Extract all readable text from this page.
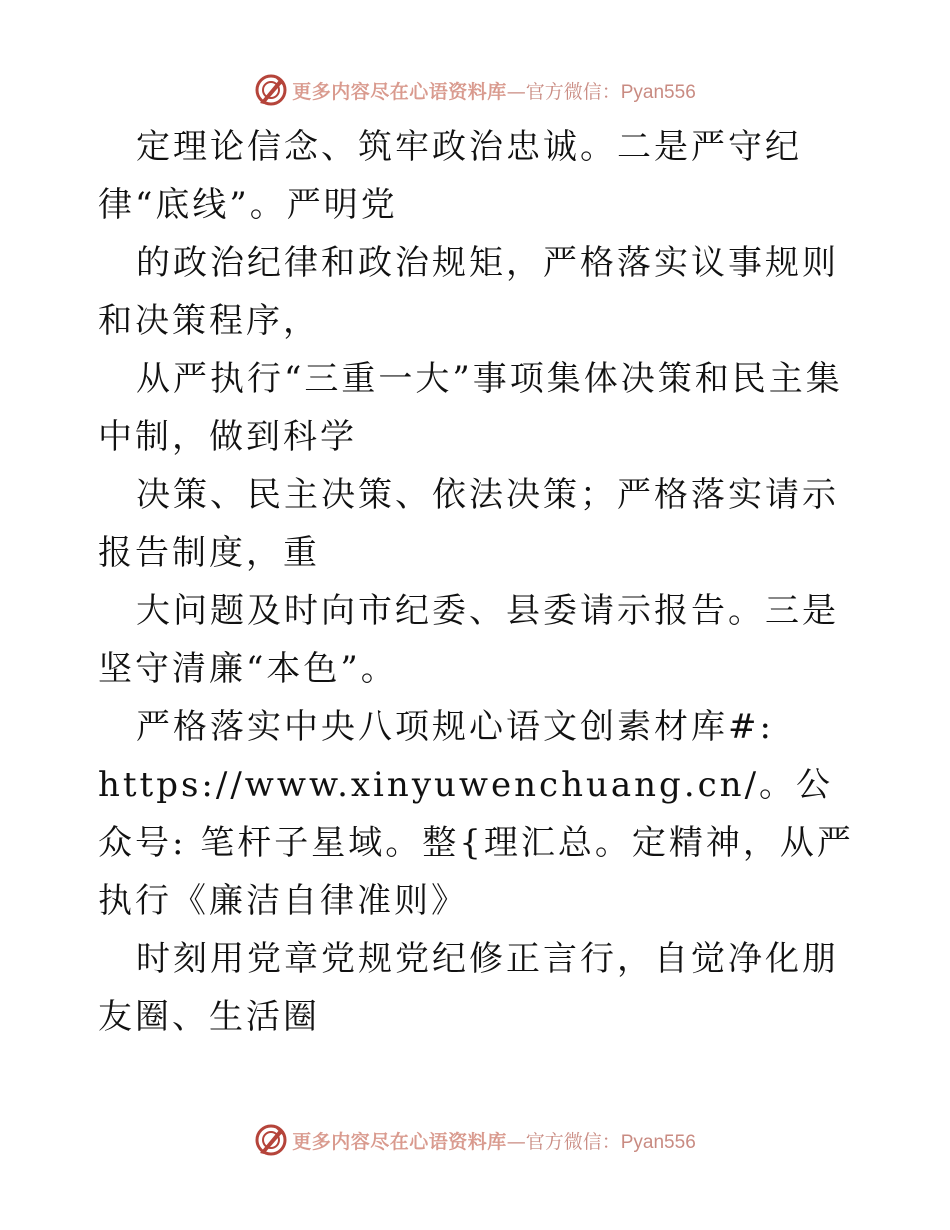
更多内容尽在心语资料库 —官方微信：Pyan556

定理论信念、筑牢政治忠诚。二是严守纪律“底线”。严明党

的政治纪律和政治规矩，严格落实议事规则和决策程序，

从严执行“三重一大”事项集体决策和民主集中制，做到科学

决策、民主决策、依法决策；严格落实请示报告制度，重

大问题及时向市纪委、县委请示报告。三是坚守清廉“本色”。

严格落实中央八项规心语文创素材库#:

https://www.xinyuwenchuang.cn/。公众号: 笔杆子星域。整{理汇总。定精神，从严执行《廉洁自律准则》

时刻用党章党规党纪修正言行，自觉净化朋友圈、生活圈

更多内容尽在心语资料库 —官方微信：Pyan556
